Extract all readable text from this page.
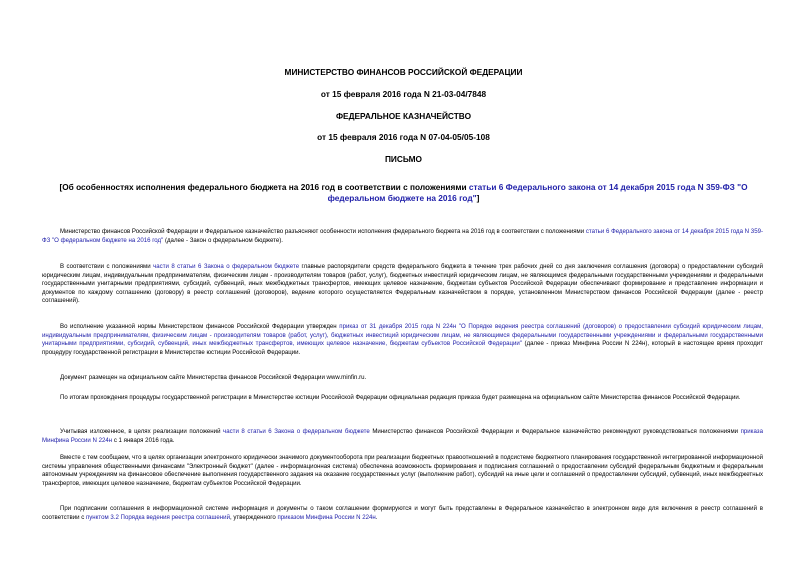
МИНИСТЕРСТВО ФИНАНСОВ РОССИЙСКОЙ ФЕДЕРАЦИИ
от 15 февраля 2016 года N 21-03-04/7848
ФЕДЕРАЛЬНОЕ КАЗНАЧЕЙСТВО
от 15 февраля 2016 года N 07-04-05/05-108
ПИСЬМО
[Об особенностях исполнения федерального бюджета на 2016 год в соответствии с положениями статьи 6 Федерального закона от 14 декабря 2015 года N 359-ФЗ "О федеральном бюджете на 2016 год"]

Министерство финансов Российской Федерации и Федеральное казначейство разъясняют особенности исполнения федерального бюджета на 2016 год в соответствии с положениями статьи 6 Федерального закона от 14 декабря 2015 года N 359-ФЗ "О федеральном бюджете на 2016 год" (далее - Закон о федеральном бюджете).

В соответствии с положениями части 8 статьи 6 Закона о федеральном бюджете главные распорядители средств федерального бюджета в течение трех рабочих дней со дня заключения соглашения (договора) о предоставлении субсидий юридическим лицам, индивидуальным предпринимателям, физическим лицам - производителям товаров (работ, услуг), бюджетных инвестиций юридическим лицам, не являющимся федеральными государственными учреждениями и федеральными государственными унитарными предприятиями, субсидий, субвенций, иных межбюджетных трансфертов, имеющих целевое назначение, бюджетам субъектов Российской Федерации обеспечивают формирование и представление информации и документов по каждому соглашению (договору) в реестр соглашений (договоров), ведение которого осуществляется Федеральным казначейством в порядке, установленном Министерством финансов Российской Федерации (далее - реестр соглашений).

Во исполнение указанной нормы Министерством финансов Российской Федерации утвержден приказ от 31 декабря 2015 года N 224н "О Порядке ведения реестра соглашений (договоров) о предоставлении субсидий юридическим лицам, индивидуальным предпринимателям, физическим лицам - производителям товаров (работ, услуг), бюджетных инвестиций юридическим лицам, не являющимся федеральными государственными учреждениями и федеральными государственными унитарными предприятиями, субсидий, субвенций, иных межбюджетных трансфертов, имеющих целевое назначение, бюджетам субъектов Российской Федерации" (далее - приказ Минфина России N 224н), который в настоящее время проходит процедуру государственной регистрации в Министерстве юстиции Российской Федерации.

Документ размещен на официальном сайте Министерства финансов Российской Федерации www.minfin.ru.

По итогам прохождения процедуры государственной регистрации в Министерстве юстиции Российской Федерации официальная редакция приказа будет размещена на официальном сайте Министерства финансов Российской Федерации.

Учитывая изложенное, в целях реализации положений части 8 статьи 6 Закона о федеральном бюджете Министерство финансов Российской Федерации и Федеральное казначейство рекомендуют руководствоваться положениями приказа Минфина России N 224н с 1 января 2016 года.

Вместе с тем сообщаем, что в целях организации электронного юридически значимого документооборота при реализации бюджетных правоотношений в подсистеме бюджетного планирования государственной интегрированной информационной системы управления общественными финансами "Электронный бюджет" (далее - информационная система) обеспечена возможность формирования и подписания соглашений о предоставлении субсидий федеральным бюджетным и федеральным автономным учреждениям на финансовое обеспечение выполнения государственного задания на оказание государственных услуг (выполнение работ), субсидий на иные цели и соглашений о предоставлении субсидий, субвенций, иных межбюджетных трансфертов, имеющих целевое назначение, бюджетам субъектов Российской Федерации.

При подписании соглашения в информационной системе информация и документы о таком соглашении формируются и могут быть представлены в Федеральное казначейство в электронном виде для включения в реестр соглашений в соответствии с пунктом 3.2 Порядка ведения реестра соглашений, утвержденного приказом Минфина России N 224н.
